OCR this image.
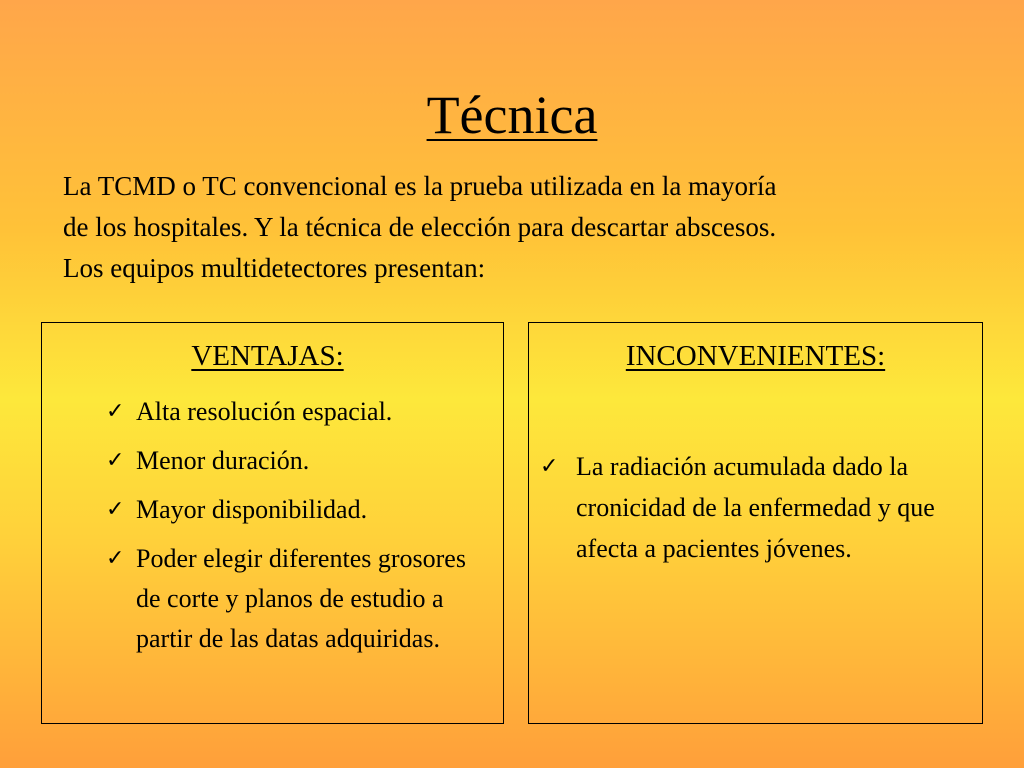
Técnica

La TCMD o TC convencional es la prueba utilizada en la mayoría

de los hospitales. Y la técnica de elección para descartar abscesos.

Los equipos multidetectores presentan:

VENTAJAS:
✓ Alta resolución espacial.
✓ Menor duración.
✓ Mayor disponibilidad.
✓ Poder elegir diferentes grosores de corte y planos de estudio a partir de las datas adquiridas.
INCONVENIENTES:
✓ La radiación acumulada dado la cronicidad de la enfermedad y que afecta a pacientes jóvenes.
